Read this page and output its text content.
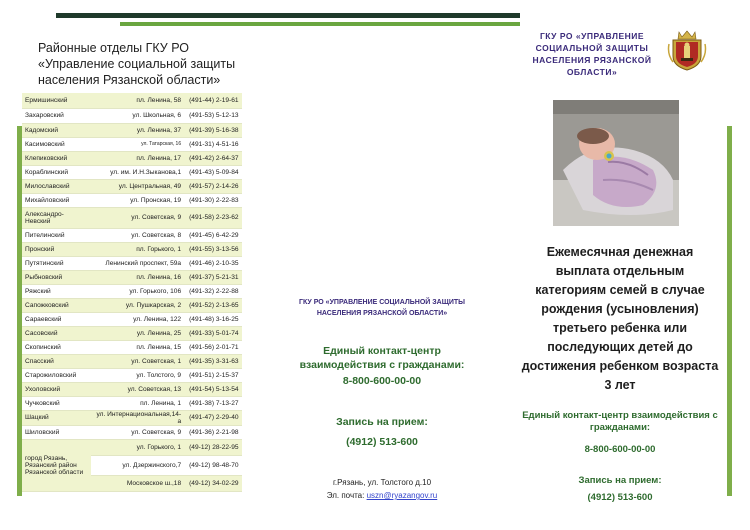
Районные отделы ГКУ РО «Управление социальной защиты населения Рязанской области»
Ермишинский	пл. Ленина, 58	(491-44) 2-19-61
Захаровский	ул. Школьная, 6	(491-53) 5-12-13
Кадомский	ул. Ленина, 37	(491-39) 5-16-38
Касимовский	ул. Татарская, 16	(491-31) 4-51-16
Клепиковский	пл. Ленина, 17	(491-42) 2-64-37
Кораблинский	ул. им. И.Н.Зыканова,1	(491-43) 5-09-84
Милославский	ул. Центральная, 49	(491-57) 2-14-26
Михайловский	ул. Пронская, 19	(491-30) 2-22-83
Александро-Невский	ул. Советская, 9	(491-58) 2-23-62
Пителинский	ул. Советская, 8	(491-45) 6-42-29
Пронский	пл. Горького, 1	(491-55) 3-13-56
Путятинский	Ленинский проспект, 59а	(491-46) 2-10-35
Рыбновский	пл. Ленина, 16	(491-37) 5-21-31
Ряжский	ул. Горького, 106	(491-32) 2-22-88
Сапожковский	ул. Пушкарская, 2	(491-52) 2-13-65
Сараевский	ул. Ленина, 122	(491-48) 3-16-25
Сасовский	ул. Ленина, 25	(491-33) 5-01-74
Скопинский	пл. Ленина, 15	(491-56) 2-01-71
Спасский	ул. Советская, 1	(491-35) 3-31-63
Старожиловский	ул. Толстого, 9	(491-51) 2-15-37
Ухоловский	ул. Советская, 13	(491-54) 5-13-54
Чучковский	пл. Ленина, 1	(491-38) 7-13-27
Шацкий	ул. Интернациональная,14-а	(491-47) 2-29-40
Шиловский	ул. Советская, 9	(491-36) 2-21-98
город Рязань, Рязанский район Рязанской области	ул. Горького, 1	(49-12) 28-22-95
	ул. Дзержинского,7	(49-12) 98-48-70
	Московское ш.,18	(49-12) 34-02-29
ГКУ РО «УПРАВЛЕНИЕ СОЦИАЛЬНОЙ ЗАЩИТЫ НАСЕЛЕНИЯ РЯЗАНСКОЙ ОБЛАСТИ»
Единый контакт-центр взаимодействия с гражданами:
8-800-600-00-00
Запись на прием:
(4912) 513-600
г.Рязань, ул. Толстого д.10
Эл. почта: uszn@ryazangov.ru
ГКУ РО «УПРАВЛЕНИЕ СОЦИАЛЬНОЙ ЗАЩИТЫ НАСЕЛЕНИЯ РЯЗАНСКОЙ ОБЛАСТИ»
Ежемесячная денежная выплата отдельным категориям семей в случае рождения (усыновления) третьего ребенка или последующих детей до достижения ребенком возраста 3 лет
Единый контакт-центр взаимодействия с гражданами:
8-800-600-00-00
Запись на прием:
(4912) 513-600
